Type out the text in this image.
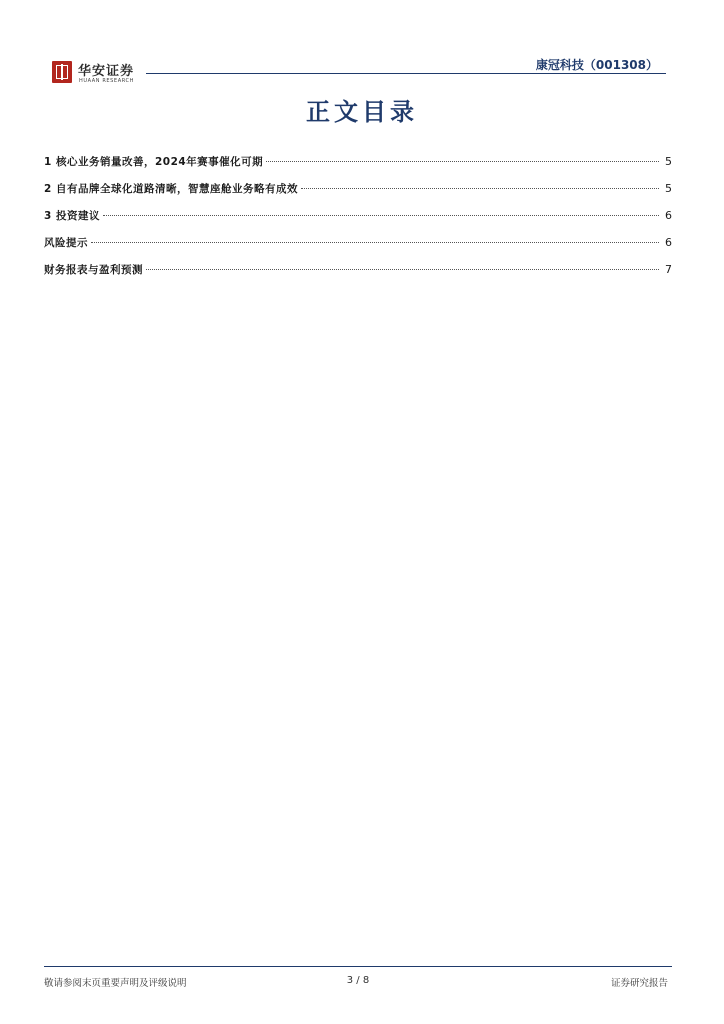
华安证券
HUAAN RESEARCH
康冠科技（001308）
正文目录
1 核心业务销量改善，2024年赛事催化可期	5
2 自有品牌全球化道路清晰，智慧座舱业务略有成效	5
3 投资建议	6
风险提示	6
财务报表与盈利预测	7
敬请参阅末页重要声明及评级说明	3 / 8	证券研究报告
